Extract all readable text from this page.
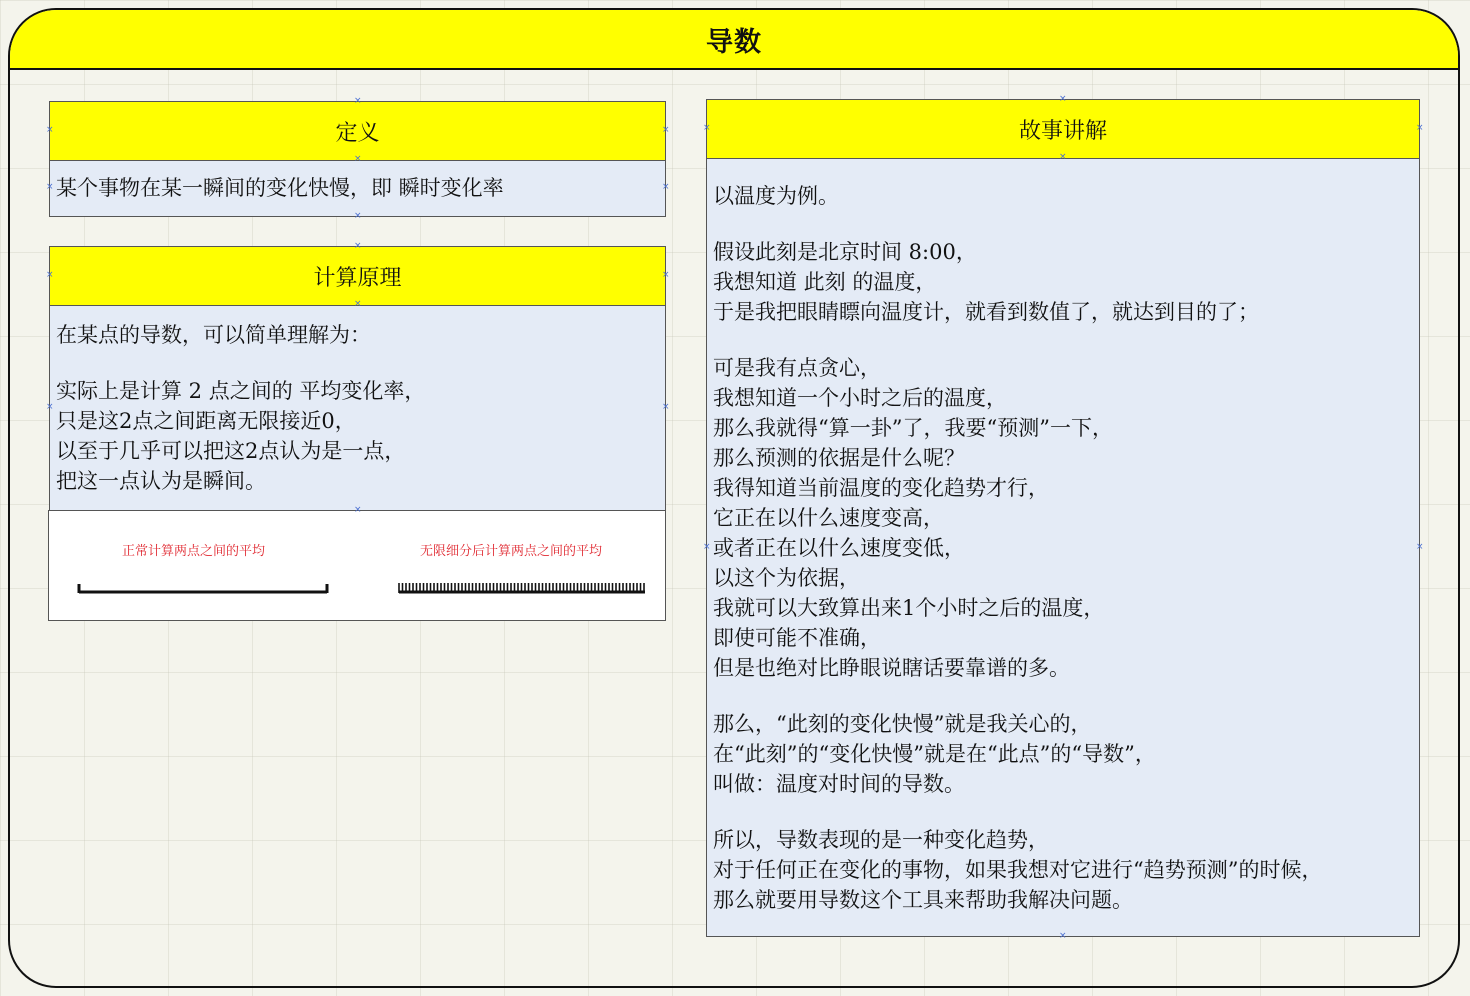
导数
定义
某个事物在某一瞬间的变化快慢，即 瞬时变化率
计算原理

在某点的导数，可以简单理解为：

实际上是计算 2 点之间的 平均变化率，
只是这2点之间距离无限接近0，
以至于几乎可以把这2点认为是一点，
把这一点认为是瞬间。

正常计算两点之间的平均	无限细分后计算两点之间的平均
故事讲解

以温度为例。

假设此刻是北京时间 8:00，
我想知道 此刻 的温度，
于是我把眼睛瞟向温度计，就看到数值了，就达到目的了；

可是我有点贪心，
我想知道一个小时之后的温度，
那么我就得“算一卦”了，我要“预测”一下，
那么预测的依据是什么呢？
我得知道当前温度的变化趋势才行，
它正在以什么速度变高，
或者正在以什么速度变低，
以这个为依据，
我就可以大致算出来1个小时之后的温度，
即使可能不准确，
但是也绝对比睁眼说瞎话要靠谱的多。

那么，“此刻的变化快慢”就是我关心的，
在“此刻”的“变化快慢”就是在“此点”的“导数”，
叫做：温度对时间的导数。

所以，导数表现的是一种变化趋势，
对于任何正在变化的事物，如果我想对它进行“趋势预测”的时候，
那么就要用导数这个工具来帮助我解决问题。

×
×
×
×
×
×
×
×
×
×
×
×
×
×
×
×
×
×
×
×
×
